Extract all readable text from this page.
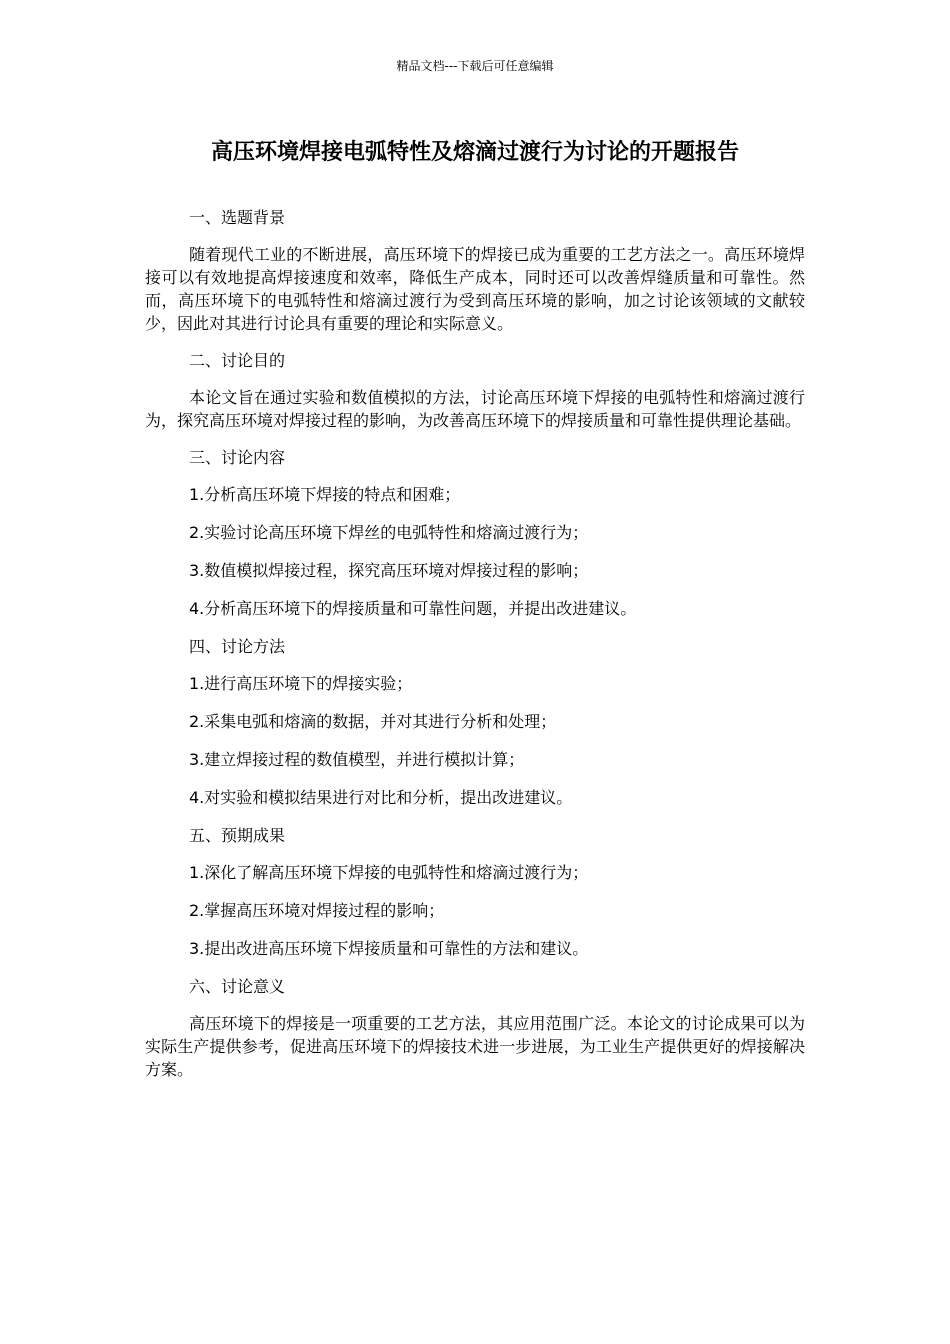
精品文档---下载后可任意编辑
高压环境焊接电弧特性及熔滴过渡行为讨论的开题报告

一、选题背景

随着现代工业的不断进展，高压环境下的焊接已成为重要的工艺方法之一。高压环境焊接可以有效地提高焊接速度和效率，降低生产成本，同时还可以改善焊缝质量和可靠性。然而，高压环境下的电弧特性和熔滴过渡行为受到高压环境的影响，加之讨论该领域的文献较少，因此对其进行讨论具有重要的理论和实际意义。

二、讨论目的

本论文旨在通过实验和数值模拟的方法，讨论高压环境下焊接的电弧特性和熔滴过渡行为，探究高压环境对焊接过程的影响，为改善高压环境下的焊接质量和可靠性提供理论基础。

三、讨论内容

1.分析高压环境下焊接的特点和困难；

2.实验讨论高压环境下焊丝的电弧特性和熔滴过渡行为；

3.数值模拟焊接过程，探究高压环境对焊接过程的影响；

4.分析高压环境下的焊接质量和可靠性问题，并提出改进建议。

四、讨论方法

1.进行高压环境下的焊接实验；

2.采集电弧和熔滴的数据，并对其进行分析和处理；

3.建立焊接过程的数值模型，并进行模拟计算；

4.对实验和模拟结果进行对比和分析，提出改进建议。

五、预期成果

1.深化了解高压环境下焊接的电弧特性和熔滴过渡行为；

2.掌握高压环境对焊接过程的影响；

3.提出改进高压环境下焊接质量和可靠性的方法和建议。

六、讨论意义

高压环境下的焊接是一项重要的工艺方法，其应用范围广泛。本论文的讨论成果可以为实际生产提供参考，促进高压环境下的焊接技术进一步进展，为工业生产提供更好的焊接解决方案。
